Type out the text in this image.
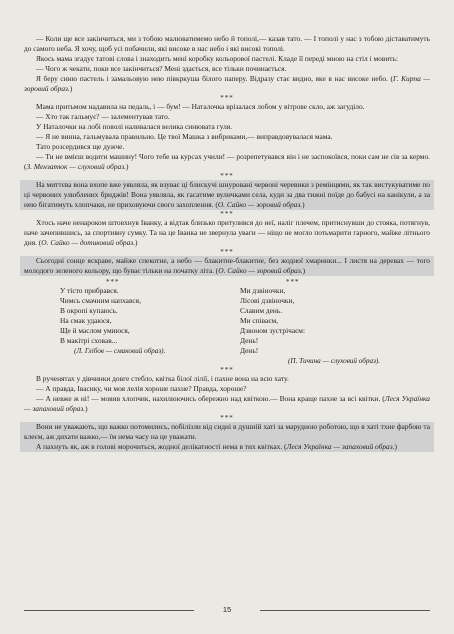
— Коли ще все закінчиться, ми з тобою малюватимемо небо й тополі,— казав тато. — І тополі у нас з тобою діставатимуть до самого неба. Я хочу, щоб усі побачили, які високе в нас небо і які високі тополі.

Якось мама згадує татові слова і знаходить мені коробку кольорової пастелі. Кладе її переді мною на стіл і мовить:

— Чого ж чекати, поки все закінчиться? Мені здається, все тільки починається.

Я беру синю пастель і замальовую нею півкркуша білого паперу. Відразу стає видно, яке в нас високе небо. (Г. Кирпа — зоровий образ.)

***

Мама притьмом надавила на педаль, і — бум! — Наталочка врізалася лобом у вітрове скло, аж загуділо.

— Хто так гальмує? — залементував тато.

У Наталочки на лобі поволі наливалася велика синювата гуля.

— Я не винна, гальмувала правильно. Це твої Машка з вибриками,— виправдовувалася мама.

Тато розсердився ще дужче.

— Ти не вмієш водити машину! Чого тебе на курсах учили! — розрепетувався він і не заспокоївся, поки сам не сів за кермо. (З. Мензатюк — слуховий образ.)

***

На миттєва вона вхопе вже уявляла, як взуває ці блискучі шнуровані червоні черевики з ремінцями, як так вистукуватиме по ці червоних улюблених бриджів! Вона уявляла, як гасатиме вуличками села, куди за два тижні поїде до бабусі на канікули, а за нею бігатимуть хлопчаки, не приховуючи свого захоплення. (О. Сайко — зоровий образ.)

***

Хтось наче ненароком штовхнув Іванку, а відтак близько притулився до неї, наліг плечем, притиснувши до стояка, потягнув, наче зачепившись, за спортивну сумку. Та на це Іванка не звернула уваги — ніщо не могло потьмарити гарного, майже літнього дня. (О. Сайко — дотиковий образ.)

***

Сьогодні сонце яскраве, майже спекотне, а небо — блакитне-блакитне, без жодної хмаринки... І листя на деревах — того молодого зеленого кольору, що буває тільки на початку літа. (О. Сайко — зоровий образ.)

***

У тісто прибрався.

Чимсь смачним напхався,

В окропі купаюсь.

На смак удаюся,

Ще й маслом умиюся,

В макітрі сховав...

(Л. Глібов — смаковий образ).

***

Ми дзвіночки,

Лісові дзвіночки,

Славим день.

Ми співаєм,

Дзвоном зустрічаєм:

День!

День!

(П. Тичина — слуховий образ).

***

В рученятах у дівчинки довге стебло, квітка білої лілії, і пахне вона на всю хату.

— А правда, Івасику, чи моя лелія хороше пахне? Правда, хороше?

— А невже ж ні! — мовив хлопчик, нахилюючись обережно над квіткою.— Вона краще пахне за всі квітки. (Леся Українка — запаховий образ.)

***

Вони не уважають, що важко потомились, побілізли від сидні в душній хаті за марудною роботою, що в хаті тхне фарбою та клеєм, аж дихати важко,— їм нема часу на це уважати.

А пахнуть як, аж в голові морочиться, жодної делікатності нема в тих квітках. (Леся Українка — запаховий образ.)

15
